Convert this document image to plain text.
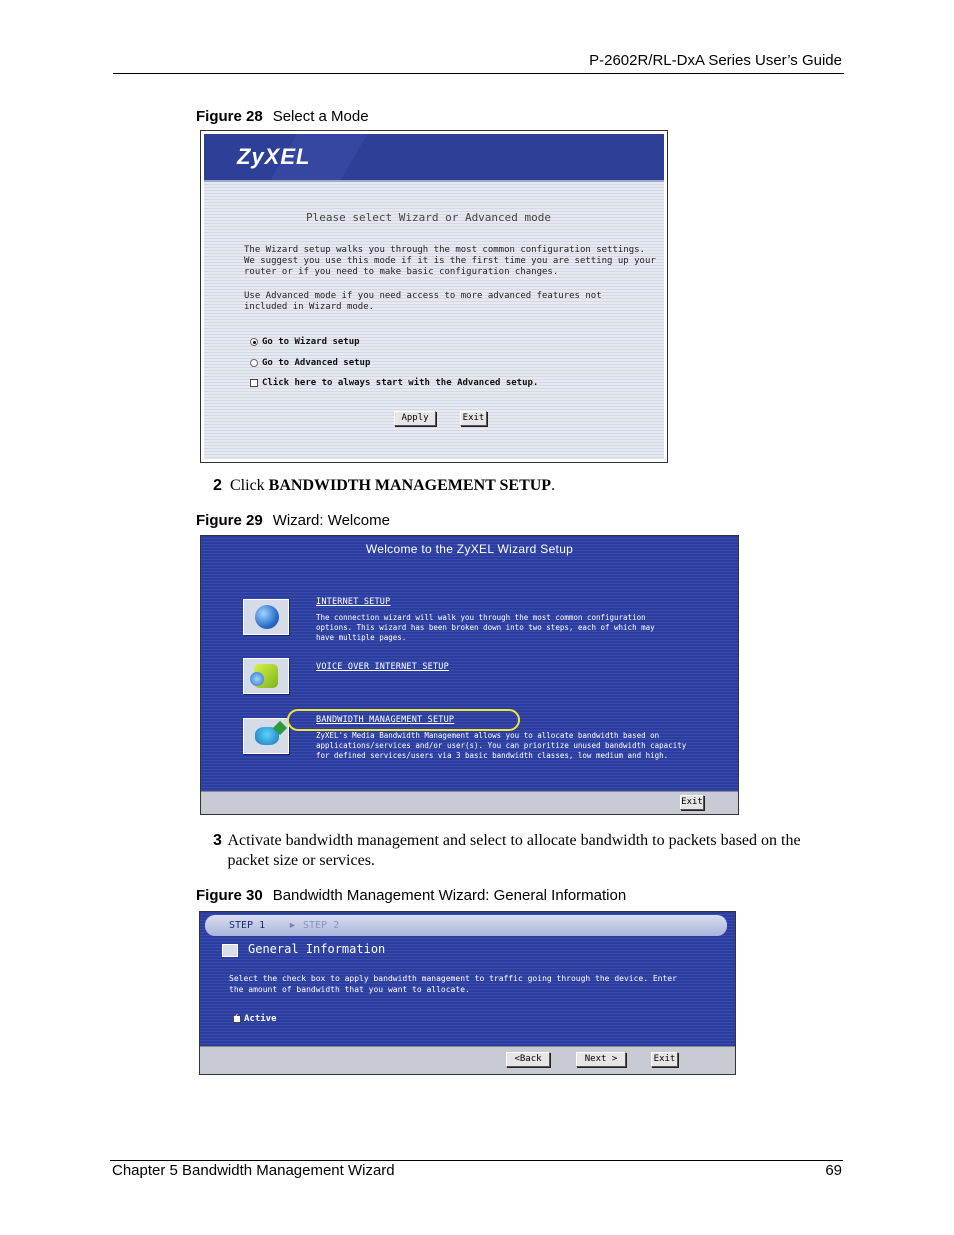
P-2602R/RL-DxA Series User’s Guide
Figure 28 Select a Mode
ZyXEL
Please select Wizard or Advanced mode
The Wizard setup walks you through the most common configuration settings.
We suggest you use this mode if it is the first time you are setting up your
router or if you need to make basic configuration changes.
Use Advanced mode if you need access to more advanced features not
included in Wizard mode.
Go to Wizard setup
Go to Advanced setup
Click here to always start with the Advanced setup.
Apply	Exit
2 Click BANDWIDTH MANAGEMENT SETUP.
Figure 29 Wizard: Welcome
Welcome to the ZyXEL Wizard Setup
INTERNET SETUP
The connection wizard will walk you through the most common configuration
options. This wizard has been broken down into two steps, each of which may
have multiple pages.
VOICE OVER INTERNET SETUP
BANDWIDTH MANAGEMENT SETUP
ZyXEL's Media Bandwidth Management allows you to allocate bandwidth based on
applications/services and/or user(s). You can prioritize unused bandwidth capacity
for defined services/users via 3 basic bandwidth classes, low medium and high.
Exit
3 Activate bandwidth management and select to allocate bandwidth to packets based on the packet size or services.
Figure 30 Bandwidth Management Wizard: General Information
STEP 1	► STEP 2
General Information
Select the check box to apply bandwidth management to traffic going through the device. Enter
the amount of bandwidth that you want to allocate.
✓
Active
<Back	Next >	Exit
Chapter 5 Bandwidth Management Wizard	69
